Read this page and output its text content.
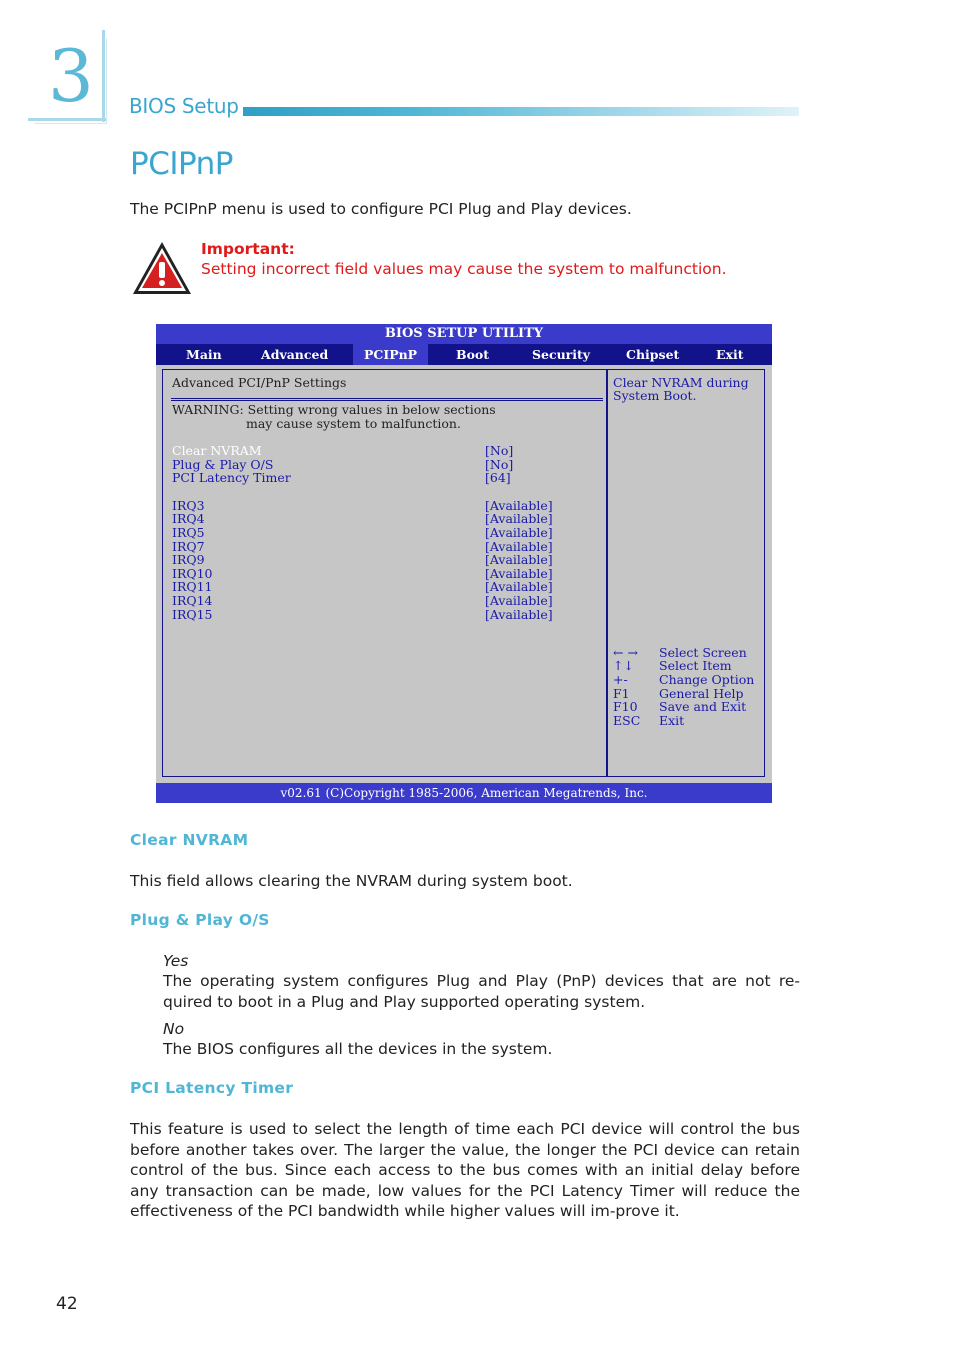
3 BIOS Setup
PCIPnP
The PCIPnP menu is used to configure PCI Plug and Play devices.
Important:
Setting incorrect field values may cause the system to malfunction.
BIOS SETUP UTILITY
Main	Advanced	PCIPnP	Boot	Security	Chipset	Exit
Advanced PCI/PnP Settings
WARNING: Setting wrong values in below sections
may cause system to malfunction.
Clear NVRAM	[No]
Plug & Play O/S	[No]
PCI Latency Timer	[64]
IRQ3	[Available]
IRQ4	[Available]
IRQ5	[Available]
IRQ7	[Available]
IRQ9	[Available]
IRQ10	[Available]
IRQ11	[Available]
IRQ14	[Available]
IRQ15	[Available]
Clear NVRAM during
System Boot.
← → Select Screen
↑↓ Select Item
+-	Change Option
F1 General Help
F10 Save and Exit
ESC Exit
v02.61 (C)Copyright 1985-2006, American Megatrends, Inc.
Clear NVRAM
This field allows clearing the NVRAM during system boot.
Plug & Play O/S
Yes
The operating system configures Plug and Play (PnP) devices that are not re-quired to boot in a Plug and Play supported operating system.
No
The BIOS configures all the devices in the system.
PCI Latency Timer
This feature is used to select the length of time each PCI device will control the bus before another takes over. The larger the value, the longer the PCI device can retain control of the bus. Since each access to the bus comes with an initial delay before any transaction can be made, low values for the PCI Latency Timer will reduce the effectiveness of the PCI bandwidth while higher values will im-prove it.
42
